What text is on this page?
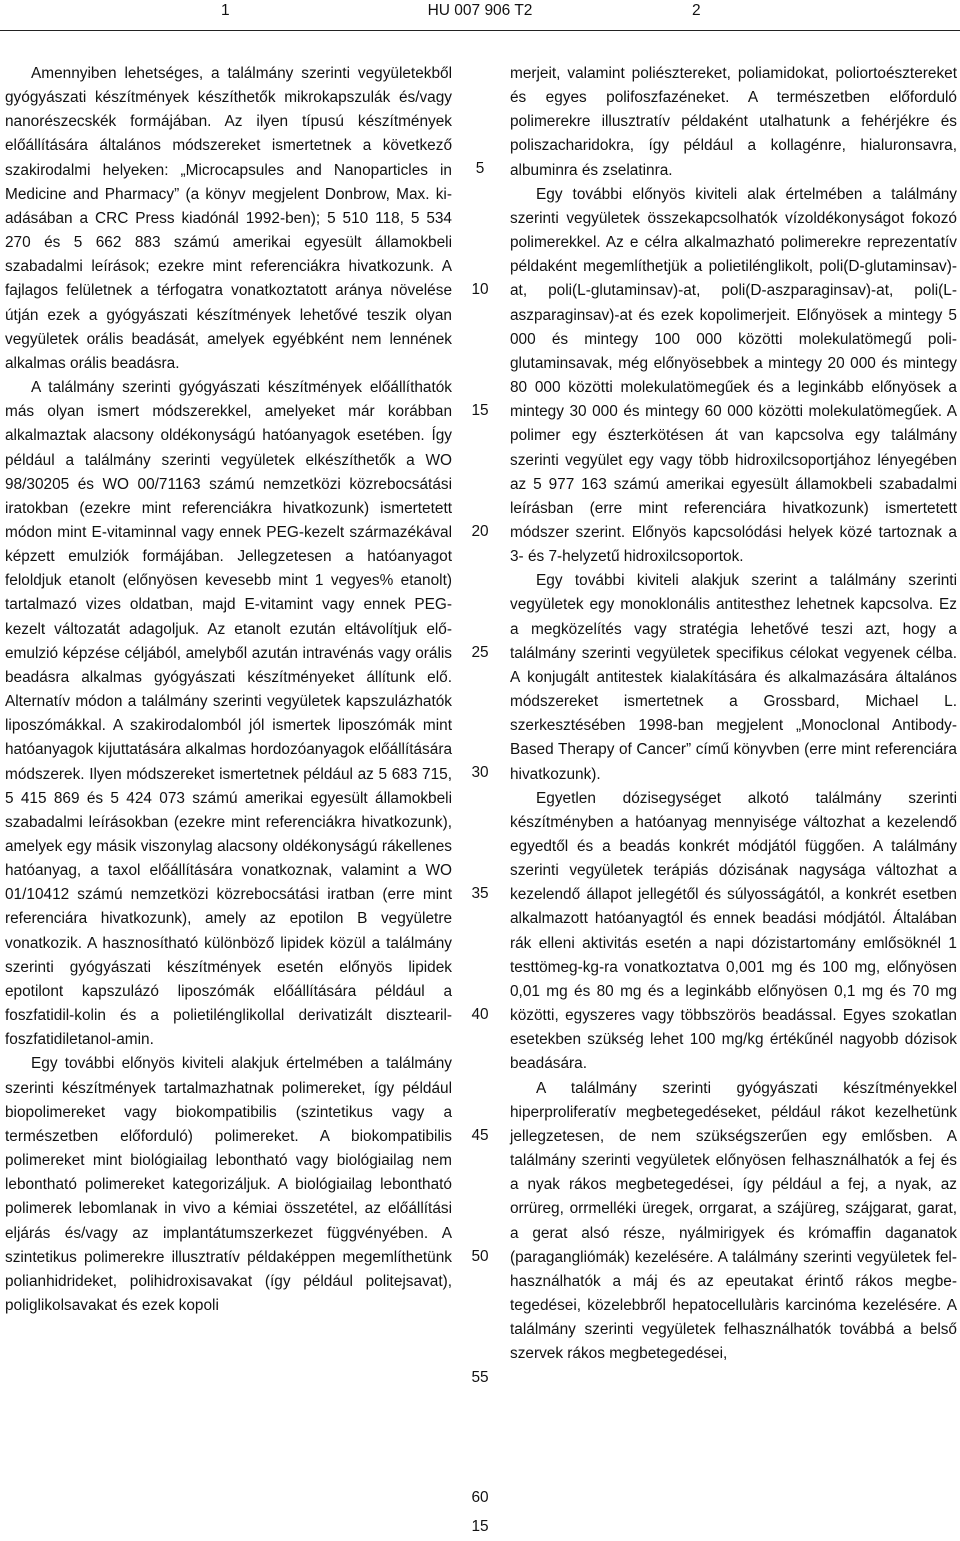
1	HU 007 906 T2	2

Amennyiben lehetséges, a találmány szerinti vegyületekből gyógyászati készítmények készíthetők mikrokapszulák és/vagy nanorészecskék formájában. Az ilyen típusú készítmények előállítására általános módszereket ismertetnek a következő szakirodalmi helyeken: „Microcapsules and Nanoparticles in Medicine and Pharmacy” (a könyv megjelent Donbrow, Max. kiadásában a CRC Press kiadónál 1992-ben); 5 510 118, 5 534 270 és 5 662 883 számú amerikai egyesült államokbeli szabadalmi leírások; ezekre mint referenciákra hivatkozunk. A fajlagos felületnek a térfogatra vonatkoztatott aránya növelése útján ezek a gyógyászati készítmények lehetővé teszik olyan vegyületek orális beadását, amelyek egyébként nem lennének alkalmas orális beadásra.

A találmány szerinti gyógyászati készítmények előállíthatók más olyan ismert módszerekkel, amelyeket már korábban alkalmaztak alacsony oldékonyságú hatóanyagok esetében. Így például a találmány szerinti vegyületek elkészíthetők a WO 98/30205 és WO 00/71163 számú nemzetközi közrebocsátási iratokban (ezekre mint referenciákra hivatkozunk) ismertetett módon mint E-vitaminnal vagy ennek PEG-kezelt származékával képzett emulziók formájában. Jellegzetesen a hatóanyagot feloldjuk etanolt (előnyösen kevesebb mint 1 vegyes% etanolt) tartalmazó vizes oldatban, majd E-vitamint vagy ennek PEG-kezelt változatát adagoljuk. Az etanolt ezután eltávolítjuk elő-emulzió képzése céljából, amelyből azután intravénás vagy orális beadásra alkalmas gyógyászati készítményeket állítunk elő. Alternatív módon a találmány szerinti vegyületek kapszulázhatók liposzómákkal. A szakirodalomból jól ismertek liposzómák mint hatóanyagok kijuttatására alkalmas hordozóanyagok előállítására módszerek. Ilyen módszereket ismertetnek például az 5 683 715, 5 415 869 és 5 424 073 számú amerikai egyesült államokbeli szabadalmi leírásokban (ezekre mint referenciákra hivatkozunk), amelyek egy másik viszonylag alacsony oldékonyságú rákellenes hatóanyag, a taxol előállítására vonatkoznak, valamint a WO 01/10412 számú nemzetközi közrebocsátási iratban (erre mint referenciára hivatkozunk), amely az epotilon B vegyületre vonatkozik. A hasznosítható különböző lipidek közül a találmány szerinti gyógyászati készítmények esetén előnyös lipidek epotilont kapszulázó liposzómák előállítására például a foszfatidil-kolin és a polietilénglikollal derivatizált disztearil-foszfatidiletanol-amin.

Egy további előnyös kiviteli alakjuk értelmében a találmány szerinti készítmények tartalmazhatnak polimereket, így például biopolimereket vagy biokompatibilis (szintetikus vagy a természetben előforduló) polimereket. A biokompatibilis polimereket mint biológiailag lebontható vagy biológiailag nem lebontható polimereket kategorizáljuk. A biológiailag lebontható polimerek lebomlanak in vivo a kémiai összetétel, az előállítási eljárás és/vagy az implantátumszerkezet függvényében. A szintetikus polimerekre illusztratív példaképpen megemlíthetünk polianhidrideket, polihidroxisavakat (így például politejsavat), poliglikolsavakat és ezek kopoli

5
10
15
20
25
30
35
40
45
50
55
60

merjeit, valamint poliésztereket, poliamidokat, poliortoésztereket és egyes polifoszfazéneket. A természetben előforduló polimerekre illusztratív példaként utalhatunk a fehérjékre és poliszacharidokra, így például a kollagénre, hialuronsavra, albuminra és zselatinra.

Egy további előnyös kiviteli alak értelmében a találmány szerinti vegyületek összekapcsolhatók vízoldékonyságot fokozó polimerekkel. Az e célra alkalmazható polimerekre reprezentatív példaként megemlíthetjük a polietilénglikolt, poli(D-glutaminsav)-at, poli(L-glutaminsav)-at, poli(D-aszparaginsav)-at, poli(L-aszparaginsav)-at és ezek kopolimerjeit. Előnyösek a mintegy 5 000 és mintegy 100 000 közötti molekulatömegű poliglutaminsavak, még előnyösebbek a mintegy 20 000 és mintegy 80 000 közötti molekulatömegűek és a leginkább előnyösek a mintegy 30 000 és mintegy 60 000 közötti molekulatömegűek. A polimer egy észterkötésen át van kapcsolva egy találmány szerinti vegyület egy vagy több hidroxilcsoportjához lényegében az 5 977 163 számú amerikai egyesült államokbeli szabadalmi leírásban (erre mint referenciára hivatkozunk) ismertetett módszer szerint. Előnyös kapcsolódási helyek közé tartoznak a 3- és 7-helyzetű hidroxilcsoportok.

Egy további kiviteli alakjuk szerint a találmány szerinti vegyületek egy monoklonális antitesthez lehetnek kapcsolva. Ez a megközelítés vagy stratégia lehetővé teszi azt, hogy a találmány szerinti vegyületek specifikus célokat vegyenek célba. A konjugált antitestek kialakítására és alkalmazására általános módszereket ismertetnek a Grossbard, Michael L. szerkesztésében 1998-ban megjelent „Monoclonal Antibody-Based Therapy of Cancer” című könyvben (erre mint referenciára hivatkozunk).

Egyetlen dózisegységet alkotó találmány szerinti készítményben a hatóanyag mennyisége változhat a kezelendő egyedtől és a beadás konkrét módjától függően. A találmány szerinti vegyületek terápiás dózisának nagysága változhat a kezelendő állapot jellegétől és súlyosságától, a konkrét esetben alkalmazott hatóanyagtól és ennek beadási módjától. Általában rák elleni aktivitás esetén a napi dózistartomány emlősöknél 1 testtömeg-kg-ra vonatkoztatva 0,001 mg és 100 mg, előnyösen 0,01 mg és 80 mg és a leginkább előnyösen 0,1 mg és 70 mg közötti, egyszeres vagy többszörös beadással. Egyes szokatlan esetekben szükség lehet 100 mg/kg értékűnél nagyobb dózisok beadására.

A találmány szerinti gyógyászati készítményekkel hiperproliferatív megbetegedéseket, például rákot kezelhetünk jellegzetesen, de nem szükségszerűen egy emlősben. A találmány szerinti vegyületek előnyösen felhasználhatók a fej és a nyak rákos megbetegedései, így például a fej, a nyak, az orrüreg, orrmelléki üregek, orrgarat, a szájüreg, szájgarat, garat, a gerat alsó része, nyálmirigyek és krómaffin daganatok (paragangliómák) kezelésére. A találmány szerinti vegyületek felhasználhatók a máj és az epeutakat érintő rákos megbetegedései, közelebbről hepatocellulàris karcinóma kezelésére. A találmány szerinti vegyületek felhasználhatók továbbá a belső szervek rákos megbetegedései,

15
